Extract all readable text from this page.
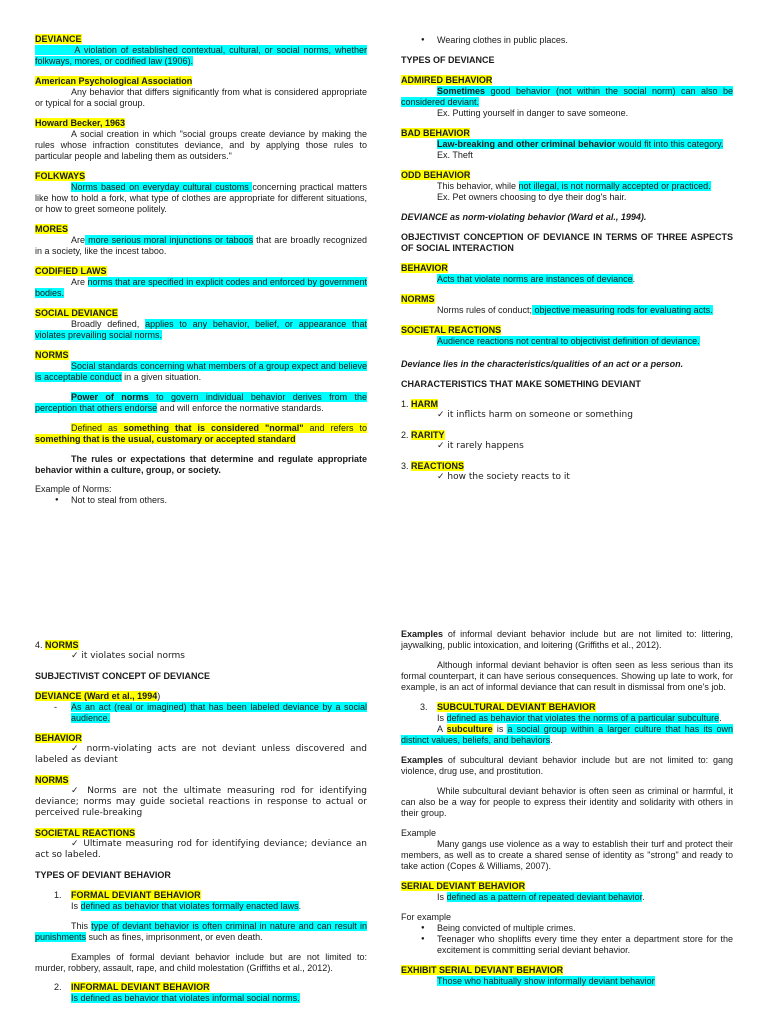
DEVIANCE
A violation of established contextual, cultural, or social norms, whether folkways, mores, or codified law (1906).
American Psychological Association
Any behavior that differs significantly from what is considered appropriate or typical for a social group.
Howard Becker, 1963
A social creation in which "social groups create deviance by making the rules whose infraction constitutes deviance, and by applying those rules to particular people and labeling them as outsiders."
FOLKWAYS
Norms based on everyday cultural customs concerning practical matters like how to hold a fork, what type of clothes are appropriate for different situations, or how to greet someone politely.
MORES
Are more serious moral injunctions or taboos that are broadly recognized in a society, like the incest taboo.
CODIFIED LAWS
Are norms that are specified in explicit codes and enforced by government bodies.
SOCIAL DEVIANCE
Broadly defined, applies to any behavior, belief, or appearance that violates prevailing social norms.
NORMS
Social standards concerning what members of a group expect and believe is acceptable conduct in a given situation.
Power of norms to govern individual behavior derives from the perception that others endorse and will enforce the normative standards.
Defined as something that is considered "normal" and refers to something that is the usual, customary or accepted standard
The rules or expectations that determine and regulate appropriate behavior within a culture, group, or society.
Example of Norms:
● Not to steal from others.
● Wearing clothes in public places.
TYPES OF DEVIANCE
ADMIRED BEHAVIOR
Sometimes good behavior (not within the social norm) can also be considered deviant.
Ex. Putting yourself in danger to save someone.
BAD BEHAVIOR
Law-breaking and other criminal behavior would fit into this category.
Ex. Theft
ODD BEHAVIOR
This behavior, while not illegal, is not normally accepted or practiced.
Ex. Pet owners choosing to dye their dog's hair.
DEVIANCE as norm-violating behavior (Ward et al., 1994).
OBJECTIVIST CONCEPTION OF DEVIANCE IN TERMS OF THREE ASPECTS OF SOCIAL INTERACTION
BEHAVIOR
Acts that violate norms are instances of deviance.
NORMS
Norms rules of conduct; objective measuring rods for evaluating acts.
SOCIETAL REACTIONS
Audience reactions not central to objectivist definition of deviance.
Deviance lies in the characteristics/qualities of an act or a person.
CHARACTERISTICS THAT MAKE SOMETHING DEVIANT
1. HARM
✓ it inflicts harm on someone or something
2. RARITY
✓ it rarely happens
3. REACTIONS
✓ how the society reacts to it
4. NORMS
✓ it violates social norms
SUBJECTIVIST CONCEPT OF DEVIANCE
DEVIANCE (Ward et al., 1994)
- As an act (real or imagined) that has been labeled deviance by a social audience.
BEHAVIOR
✓ norm-violating acts are not deviant unless discovered and labeled as deviant
NORMS
✓ Norms are not the ultimate measuring rod for identifying deviance; norms may guide societal reactions in response to actual or perceived rule-breaking
SOCIETAL REACTIONS
✓ Ultimate measuring rod for identifying deviance; deviance an act so labeled.
TYPES OF DEVIANT BEHAVIOR
1. FORMAL DEVIANT BEHAVIOR
Is defined as behavior that violates formally enacted laws.
This type of deviant behavior is often criminal in nature and can result in punishments such as fines, imprisonment, or even death.
Examples of formal deviant behavior include but are not limited to: murder, robbery, assault, rape, and child molestation (Griffiths et al., 2012).
2. INFORMAL DEVIANT BEHAVIOR
Is defined as behavior that violates informal social norms.
Examples of informal deviant behavior include but are not limited to: littering, jaywalking, public intoxication, and loitering (Griffiths et al., 2012).
Although informal deviant behavior is often seen as less serious than its formal counterpart, it can have serious consequences. Showing up late to work, for example, is an act of informal deviance that can result in dismissal from one's job.
3. SUBCULTURAL DEVIANT BEHAVIOR
Is defined as behavior that violates the norms of a particular subculture.
A subculture is a social group within a larger culture that has its own distinct values, beliefs, and behaviors.
Examples of subcultural deviant behavior include but are not limited to: gang violence, drug use, and prostitution.
While subcultural deviant behavior is often seen as criminal or harmful, it can also be a way for people to express their identity and solidarity with others in their group.
Example
Many gangs use violence as a way to establish their turf and protect their members, as well as to create a shared sense of identity as "strong" and ready to take action (Copes & Williams, 2007).
SERIAL DEVIANT BEHAVIOR
Is defined as a pattern of repeated deviant behavior.
For example
● Being convicted of multiple crimes.
● Teenager who shoplifts every time they enter a department store for the excitement is committing serial deviant behavior.
EXHIBIT SERIAL DEVIANT BEHAVIOR
Those who habitually show informally deviant behavior
